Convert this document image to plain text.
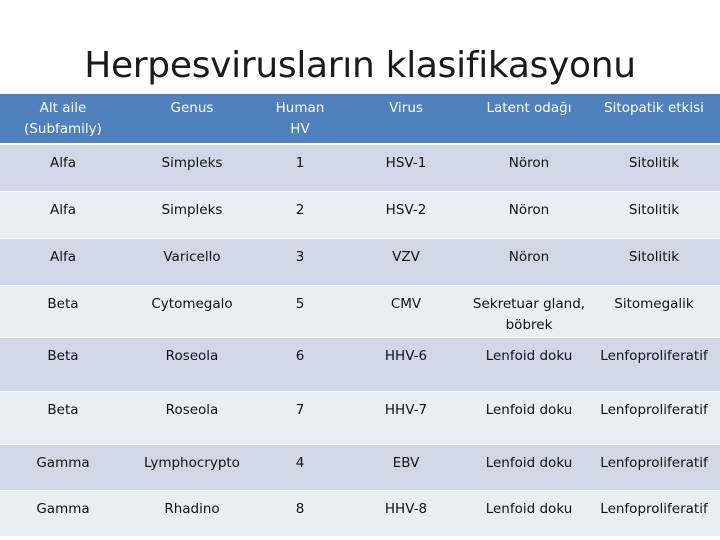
Herpesvirusların klasifikasyonu
Alt aile (Subfamily)	Genus	Human HV	Virus	Latent odağı	Sitopatik etkisi
Alfa	Simpleks	1	HSV-1	Nöron	Sitolitik
Alfa	Simpleks	2	HSV-2	Nöron	Sitolitik
Alfa	Varicello	3	VZV	Nöron	Sitolitik
Beta	Cytomegalo	5	CMV	Sekretuar gland, böbrek	Sitomegalik
Beta	Roseola	6	HHV-6	Lenfoid doku	Lenfoproliferatif
Beta	Roseola	7	HHV-7	Lenfoid doku	Lenfoproliferatif
Gamma	Lymphocrypto	4	EBV	Lenfoid doku	Lenfoproliferatif
Gamma	Rhadino	8	HHV-8	Lenfoid doku	Lenfoproliferatif
